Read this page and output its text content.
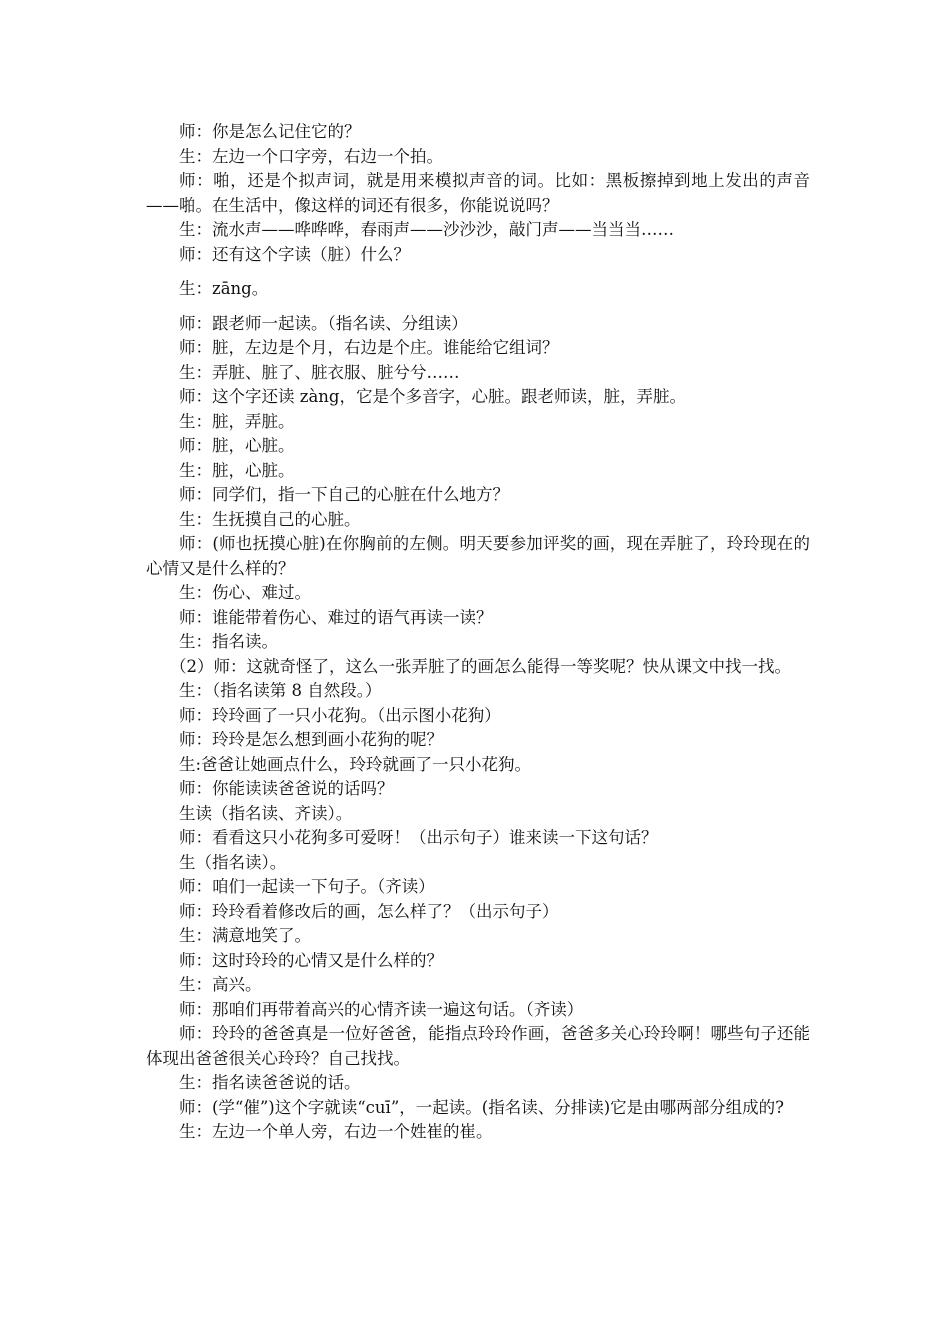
师：你是怎么记住它的？
生：左边一个口字旁，右边一个拍。
师：啪，还是个拟声词，就是用来模拟声音的词。比如：黑板擦掉到地上发出的声音——啪。在生活中，像这样的词还有很多，你能说说吗？
生：流水声——哗哗哗，春雨声——沙沙沙，敲门声——当当当……
师：还有这个字读（脏）什么？
生：zāng。
师：跟老师一起读。（指名读、分组读）
师：脏，左边是个月，右边是个庄。谁能给它组词？
生：弄脏、脏了、脏衣服、脏兮兮……
师：这个字还读 zàng，它是个多音字，心脏。跟老师读，脏，弄脏。
生：脏，弄脏。
师：脏，心脏。
生：脏，心脏。
师：同学们，指一下自己的心脏在什么地方？
生：生抚摸自己的心脏。
师：(师也抚摸心脏)在你胸前的左侧。明天要参加评奖的画，现在弄脏了，玲玲现在的心情又是什么样的？
生：伤心、难过。
师：谁能带着伤心、难过的语气再读一读？
生：指名读。
（2）师：这就奇怪了，这么一张弄脏了的画怎么能得一等奖呢？快从课文中找一找。
生：（指名读第 8 自然段。）
师：玲玲画了一只小花狗。（出示图小花狗）
师：玲玲是怎么想到画小花狗的呢？
生:爸爸让她画点什么，玲玲就画了一只小花狗。
师：你能读读爸爸说的话吗？
生读（指名读、齐读）。
师：看看这只小花狗多可爱呀！（出示句子）谁来读一下这句话？
生（指名读）。
师：咱们一起读一下句子。（齐读）
师：玲玲看着修改后的画，怎么样了？（出示句子）
生：满意地笑了。
师：这时玲玲的心情又是什么样的？
生：高兴。
师：那咱们再带着高兴的心情齐读一遍这句话。（齐读）
师：玲玲的爸爸真是一位好爸爸，能指点玲玲作画，爸爸多关心玲玲啊！哪些句子还能体现出爸爸很关心玲玲？自己找找。
生：指名读爸爸说的话。
师：(学“催”)这个字就读“cuī”，一起读。(指名读、分排读)它是由哪两部分组成的?
生：左边一个单人旁，右边一个姓崔的崔。
